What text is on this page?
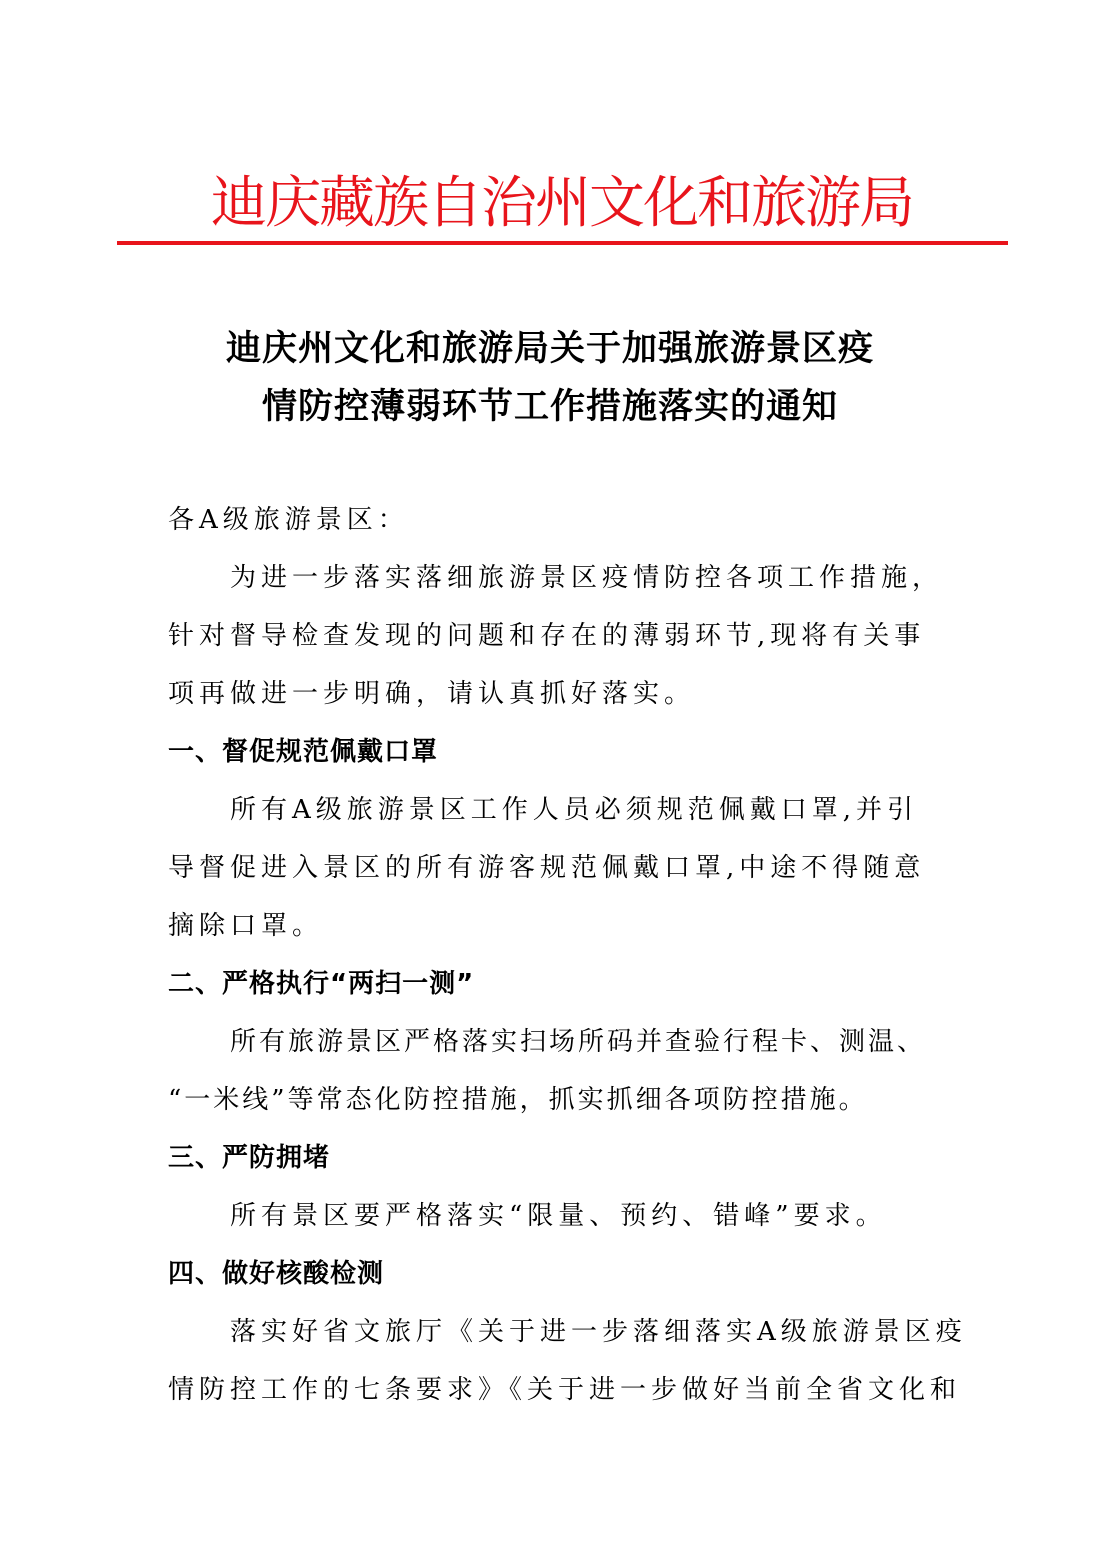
迪庆藏族自治州文化和旅游局
迪庆州文化和旅游局关于加强旅游景区疫
情防控薄弱环节工作措施落实的通知
各A级旅游景区：
为进一步落实落细旅游景区疫情防控各项工作措施，
针对督导检查发现的问题和存在的薄弱环节,现将有关事
项再做进一步明确，请认真抓好落实。
一、督促规范佩戴口罩
所有A级旅游景区工作人员必须规范佩戴口罩,并引
导督促进入景区的所有游客规范佩戴口罩,中途不得随意
摘除口罩。
二、严格执行“两扫一测”
所有旅游景区严格落实扫场所码并查验行程卡、测温、
“一米线”等常态化防控措施，抓实抓细各项防控措施。
三、严防拥堵
所有景区要严格落实“限量、预约、错峰”要求。
四、做好核酸检测
落实好省文旅厅《关于进一步落细落实A级旅游景区疫
情防控工作的七条要求》《关于进一步做好当前全省文化和
